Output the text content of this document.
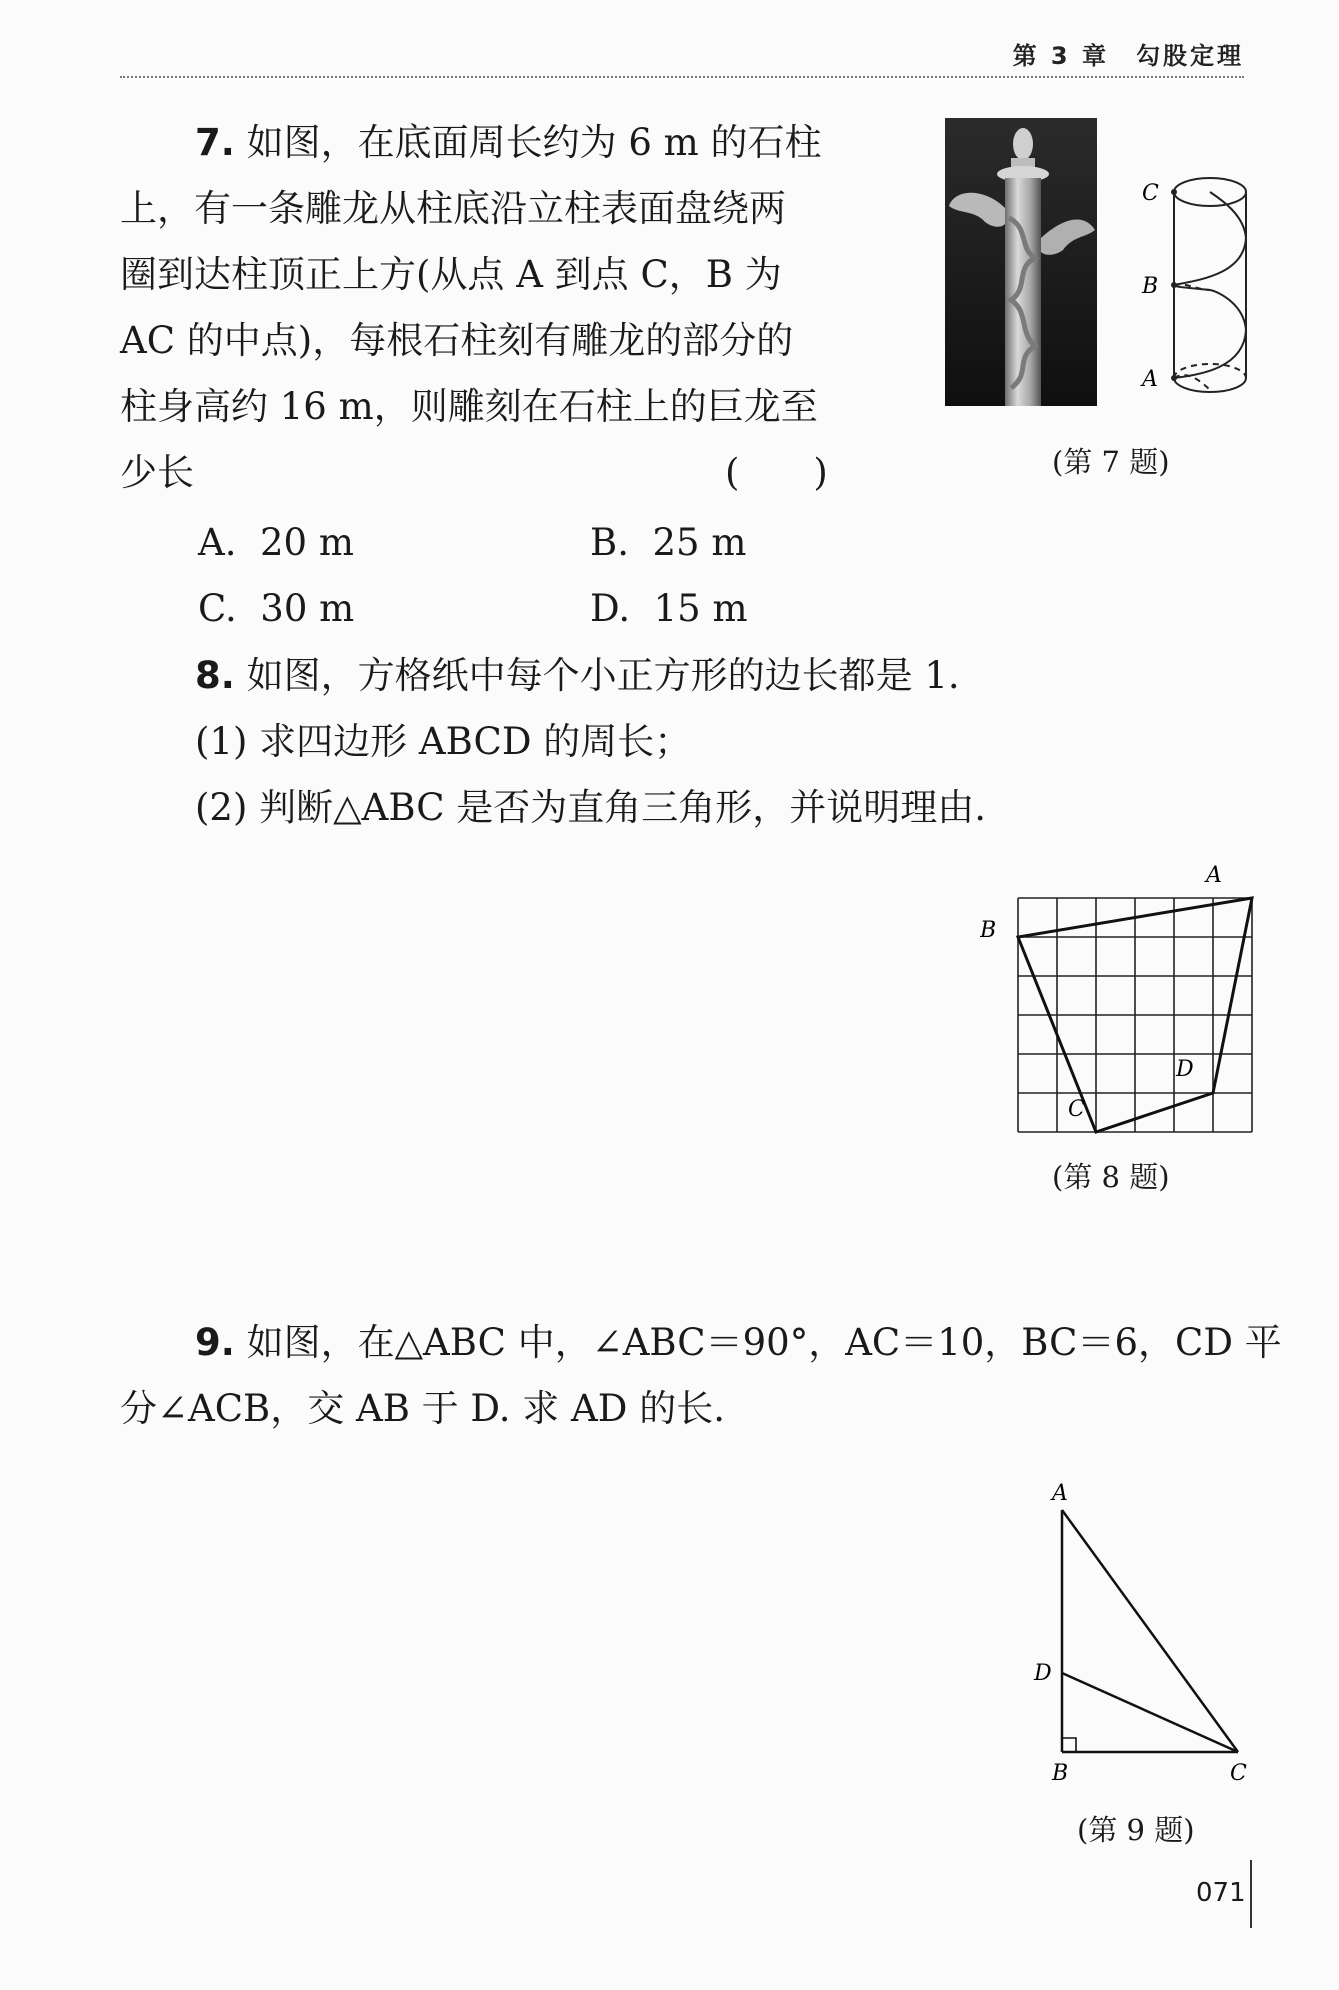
第 3 章　勾股定理
7. 如图，在底面周长约为 6 m 的石柱
上，有一条雕龙从柱底沿立柱表面盘绕两
圈到达柱顶正上方(从点 A 到点 C，B 为
AC 的中点)，每根石柱刻有雕龙的部分的
柱身高约 16 m，则雕刻在石柱上的巨龙至
少长	(　　)
A.  20 m	B.  25 m
C.  30 m	D.  15 m
C
B
A
(第 7 题)
8. 如图，方格纸中每个小正方形的边长都是 1.
(1) 求四边形 ABCD 的周长；
(2) 判断△ABC 是否为直角三角形，并说明理由.
A
B
C
D
(第 8 题)
9. 如图，在△ABC 中，∠ABC＝90°，AC＝10，BC＝6，CD 平
分∠ACB，交 AB 于 D. 求 AD 的长.
A
D
B	C
(第 9 题)
071
